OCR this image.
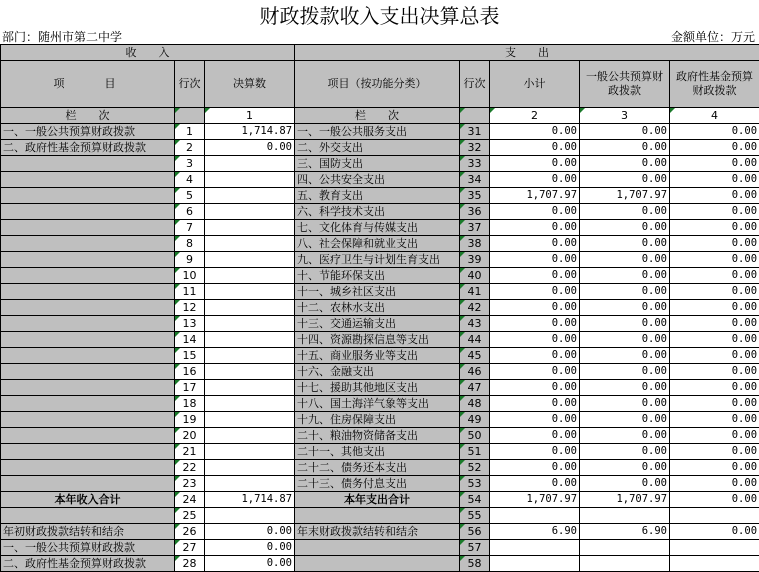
财政拨款收入支出决算总表
部门：随州市第二中学	金额单位：万元
收　　入			支　　出				
项　　目	行次	决算数	项目（按功能分类）	行次	小计	一般公共预算财政拨款	政府性基金预算财政拨款
栏　　次		1	栏　　次		2	3	4
一、一般公共预算财政拨款	1	1,714.87	一、一般公共服务支出	31	0.00	0.00	0.00
二、政府性基金预算财政拨款	2	0.00	二、外交支出	32	0.00	0.00	0.00
	3		三、国防支出	33	0.00	0.00	0.00
	4		四、公共安全支出	34	0.00	0.00	0.00
	5		五、教育支出	35	1,707.97	1,707.97	0.00
	6		六、科学技术支出	36	0.00	0.00	0.00
	7		七、文化体育与传媒支出	37	0.00	0.00	0.00
	8		八、社会保障和就业支出	38	0.00	0.00	0.00
	9		九、医疗卫生与计划生育支出	39	0.00	0.00	0.00
	10		十、节能环保支出	40	0.00	0.00	0.00
	11		十一、城乡社区支出	41	0.00	0.00	0.00
	12		十二、农林水支出	42	0.00	0.00	0.00
	13		十三、交通运输支出	43	0.00	0.00	0.00
	14		十四、资源勘探信息等支出	44	0.00	0.00	0.00
	15		十五、商业服务业等支出	45	0.00	0.00	0.00
	16		十六、金融支出	46	0.00	0.00	0.00
	17		十七、援助其他地区支出	47	0.00	0.00	0.00
	18		十八、国土海洋气象等支出	48	0.00	0.00	0.00
	19		十九、住房保障支出	49	0.00	0.00	0.00
	20		二十、粮油物资储备支出	50	0.00	0.00	0.00
	21		二十一、其他支出	51	0.00	0.00	0.00
	22		二十二、债务还本支出	52	0.00	0.00	0.00
	23		二十三、债务付息支出	53	0.00	0.00	0.00
本年收入合计	24	1,714.87	本年支出合计	54	1,707.97	1,707.97	0.00
	25			55			
年初财政拨款结转和结余	26	0.00	年末财政拨款结转和结余	56	6.90	6.90	0.00
一、一般公共预算财政拨款	27	0.00		57			
二、政府性基金预算财政拨款	28	0.00		58			
